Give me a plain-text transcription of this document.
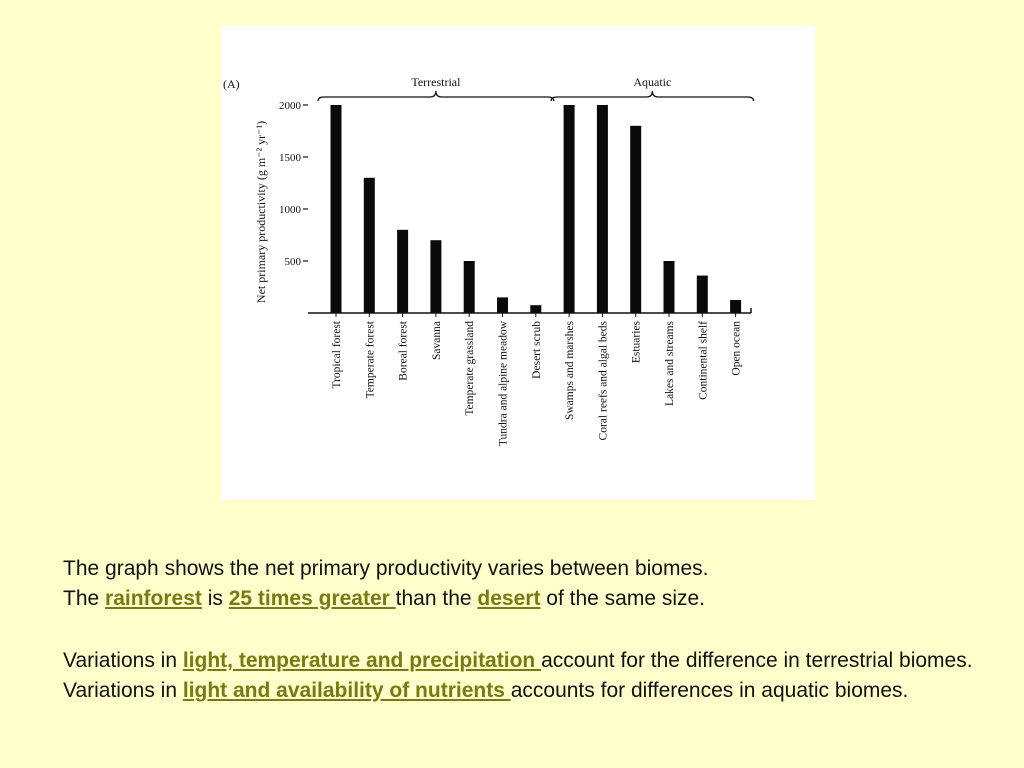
(A)	Terrestrial	Aquatic
Net primary productivity (g m⁻² yr⁻¹) 500
1000
1500
2000
Tropical forest Temperate forest Boreal forest Savanna Temperate grassland Tundra and alpine meadow Desert scrub Swamps and marshes Coral reefs and algal beds Estuaries Lakes and streams Continental shelf Open ocean

The graph shows the net primary productivity varies between biomes.

The rainforest is 25 times greater than the desert of the same size.

Variations in light, temperature and precipitation account for the difference in terrestrial biomes.  Variations in light and availability of nutrients accounts for differences in aquatic biomes.
